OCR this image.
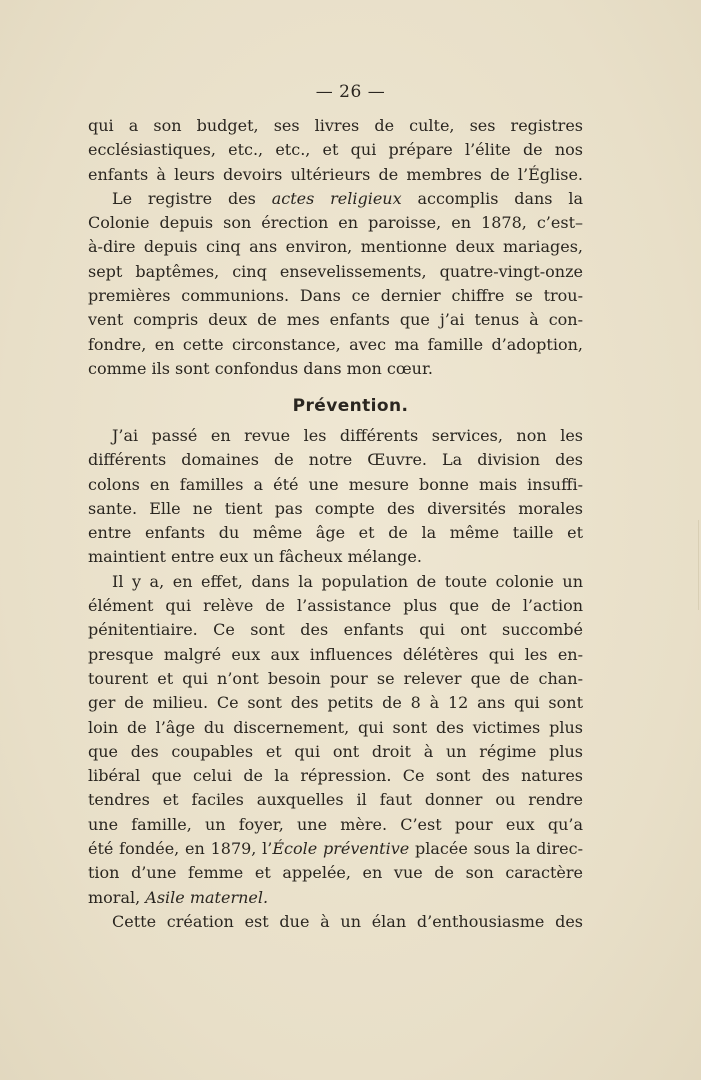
— 26 —
qui a son budget, ses livres de culte, ses registres
ecclésiastiques, etc., etc., et qui prépare l’élite de nos
enfants à leurs devoirs ultérieurs de membres de l’Église.
Le registre des actes religieux accomplis dans la
Colonie depuis son érection en paroisse, en 1878, c’est–
à-dire depuis cinq ans environ, mentionne deux mariages,
sept baptêmes, cinq ensevelissements, quatre-vingt-onze
premières communions. Dans ce dernier chiffre se trou-
vent compris deux de mes enfants que j’ai tenus à con-
fondre, en cette circonstance, avec ma famille d’adoption,
comme ils sont confondus dans mon cœur.
Prévention.
J’ai passé en revue les différents services, non les
différents domaines de notre Œuvre. La division des
colons en familles a été une mesure bonne mais insuffi-
sante. Elle ne tient pas compte des diversités morales
entre enfants du même âge et de la même taille et
maintient entre eux un fâcheux mélange.
Il y a, en effet, dans la population de toute colonie un
élément qui relève de l’assistance plus que de l’action
pénitentiaire. Ce sont des enfants qui ont succombé
presque malgré eux aux influences délétères qui les en-
tourent et qui n’ont besoin pour se relever que de chan-
ger de milieu. Ce sont des petits de 8 à 12 ans qui sont
loin de l’âge du discernement, qui sont des victimes plus
que des coupables et qui ont droit à un régime plus
libéral que celui de la répression. Ce sont des natures
tendres et faciles auxquelles il faut donner ou rendre
une famille, un foyer, une mère. C’est pour eux qu’a
été fondée, en 1879, l’École préventive placée sous la direc-
tion d’une femme et appelée, en vue de son caractère
moral, Asile maternel.
Cette création est due à un élan d’enthousiasme des
